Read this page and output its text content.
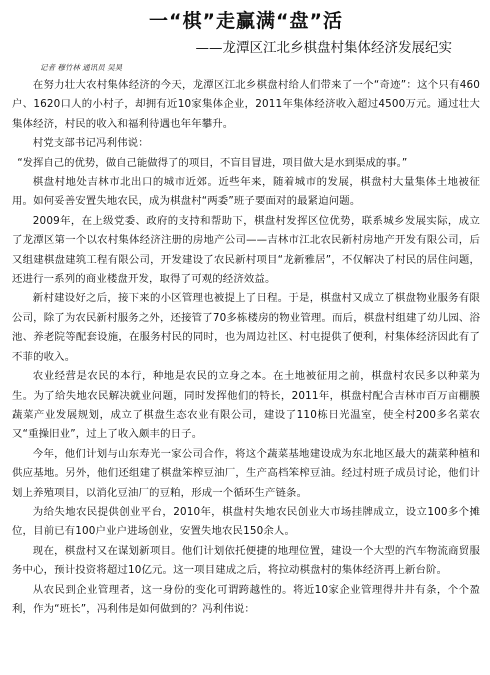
一“棋”走赢满“盘”活
——龙潭区江北乡棋盘村集体经济发展纪实
记者 穆竹林 通讯员 吴昊

在努力壮大农村集体经济的今天，龙潭区江北乡棋盘村给人们带来了一个“奇迹”：这个只有460户、1620口人的小村子，却拥有近10家集体企业，2011年集体经济收入超过4500万元。通过壮大集体经济，村民的收入和福利待遇也年年攀升。

村党支部书记冯利伟说：

“发挥自己的优势，做自己能做得了的项目，不盲目冒进，项目做大是水到渠成的事。”

棋盘村地处吉林市北出口的城市近郊。近些年来，随着城市的发展，棋盘村大量集体土地被征用。如何妥善安置失地农民，成为棋盘村“两委”班子要面对的最紧迫问题。

2009年，在上级党委、政府的支持和帮助下，棋盘村发挥区位优势，联系城乡发展实际，成立了龙潭区第一个以农村集体经济注册的房地产公司——吉林市江北农民新村房地产开发有限公司，后又组建棋盘建筑工程有限公司，开发建设了农民新村项目“龙新雅居”，不仅解决了村民的居住问题，还进行一系列的商业楼盘开发，取得了可观的经济效益。

新村建设好之后，接下来的小区管理也被提上了日程。于是，棋盘村又成立了棋盘物业服务有限公司，除了为农民新村服务之外，还接管了70多栋楼房的物业管理。而后，棋盘村组建了幼儿园、浴池、养老院等配套设施，在服务村民的同时，也为周边社区、村屯提供了便利，村集体经济因此有了不菲的收入。

农业经营是农民的本行，种地是农民的立身之本。在土地被征用之前，棋盘村农民多以种菜为生。为了给失地农民解决就业问题，同时发挥他们的特长，2011年，棋盘村配合吉林市百万亩棚膜蔬菜产业发展规划，成立了棋盘生态农业有限公司，建设了110栋日光温室，使全村200多名菜农又“重操旧业”，过上了收入颇丰的日子。

今年，他们计划与山东寿光一家公司合作，将这个蔬菜基地建设成为东北地区最大的蔬菜种植和供应基地。另外，他们还组建了棋盘笨榨豆油厂，生产高档笨榨豆油。经过村班子成员讨论，他们计划上养殖项目，以消化豆油厂的豆粕，形成一个循环生产链条。

为给失地农民提供创业平台，2010年，棋盘村失地农民创业大市场挂牌成立，设立100多个摊位，目前已有100户业户进场创业，安置失地农民150余人。

现在，棋盘村又在谋划新项目。他们计划依托便捷的地理位置，建设一个大型的汽车物流商贸服务中心，预计投资将超过10亿元。这一项目建成之后，将拉动棋盘村的集体经济再上新台阶。

从农民到企业管理者，这一身份的变化可谓跨越性的。将近10家企业管理得井井有条，个个盈利，作为“班长”，冯利伟是如何做到的？冯利伟说：
